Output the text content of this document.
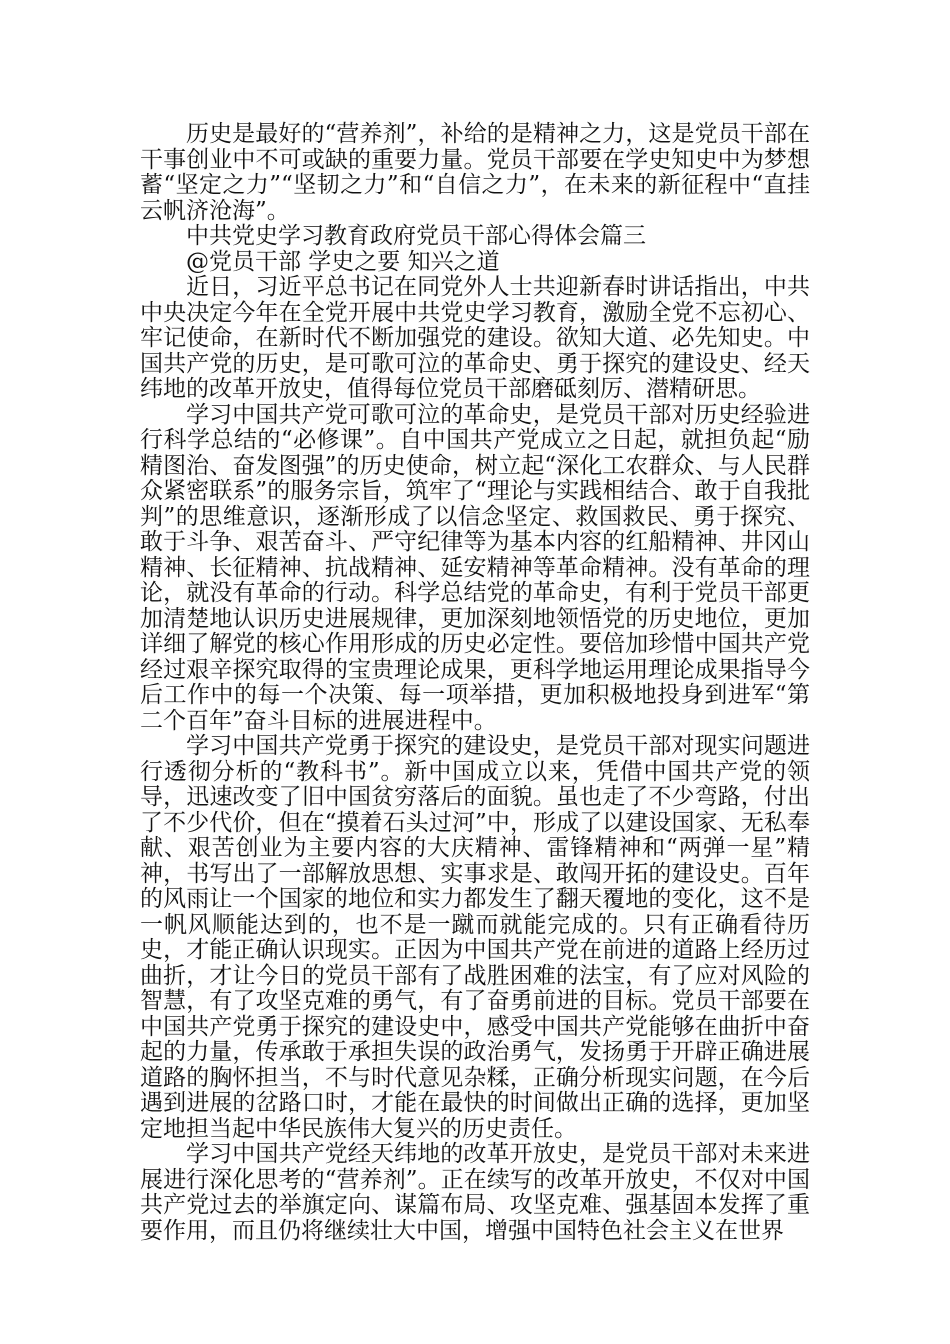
历史是最好的“营养剂”，补给的是精神之力，这是党员干部在干事创业中不可或缺的重要力量。党员干部要在学史知史中为梦想蓄“坚定之力”“坚韧之力”和“自信之力”，在未来的新征程中“直挂云帆济沧海”。

中共党史学习教育政府党员干部心得体会篇三

@党员干部 学史之要 知兴之道

近日，习近平总书记在同党外人士共迎新春时讲话指出，中共中央决定今年在全党开展中共党史学习教育，激励全党不忘初心、牢记使命，在新时代不断加强党的建设。欲知大道、必先知史。中国共产党的历史，是可歌可泣的革命史、勇于探究的建设史、经天纬地的改革开放史，值得每位党员干部磨砥刻厉、潜精研思。

学习中国共产党可歌可泣的革命史，是党员干部对历史经验进行科学总结的“必修课”。自中国共产党成立之日起，就担负起“励精图治、奋发图强”的历史使命，树立起“深化工农群众、与人民群众紧密联系”的服务宗旨，筑牢了“理论与实践相结合、敢于自我批判”的思维意识，逐渐形成了以信念坚定、救国救民、勇于探究、敢于斗争、艰苦奋斗、严守纪律等为基本内容的红船精神、井冈山精神、长征精神、抗战精神、延安精神等革命精神。没有革命的理论，就没有革命的行动。科学总结党的革命史，有利于党员干部更加清楚地认识历史进展规律，更加深刻地领悟党的历史地位，更加详细了解党的核心作用形成的历史必定性。要倍加珍惜中国共产党经过艰辛探究取得的宝贵理论成果，更科学地运用理论成果指导今后工作中的每一个决策、每一项举措，更加积极地投身到进军“第二个百年”奋斗目标的进展进程中。

学习中国共产党勇于探究的建设史，是党员干部对现实问题进行透彻分析的“教科书”。新中国成立以来，凭借中国共产党的领导，迅速改变了旧中国贫穷落后的面貌。虽也走了不少弯路，付出了不少代价，但在“摸着石头过河”中，形成了以建设国家、无私奉献、艰苦创业为主要内容的大庆精神、雷锋精神和“两弹一星”精神，书写出了一部解放思想、实事求是、敢闯开拓的建设史。百年的风雨让一个国家的地位和实力都发生了翻天覆地的变化，这不是一帆风顺能达到的，也不是一蹴而就能完成的。只有正确看待历史，才能正确认识现实。正因为中国共产党在前进的道路上经历过曲折，才让今日的党员干部有了战胜困难的法宝，有了应对风险的智慧，有了攻坚克难的勇气，有了奋勇前进的目标。党员干部要在中国共产党勇于探究的建设史中，感受中国共产党能够在曲折中奋起的力量，传承敢于承担失误的政治勇气，发扬勇于开辟正确进展道路的胸怀担当，不与时代意见杂糅，正确分析现实问题，在今后遇到进展的岔路口时，才能在最快的时间做出正确的选择，更加坚定地担当起中华民族伟大复兴的历史责任。

学习中国共产党经天纬地的改革开放史，是党员干部对未来进展进行深化思考的“营养剂”。正在续写的改革开放史，不仅对中国共产党过去的举旗定向、谋篇布局、攻坚克难、强基固本发挥了重要作用，而且仍将继续壮大中国，增强中国特色社会主义在世界
